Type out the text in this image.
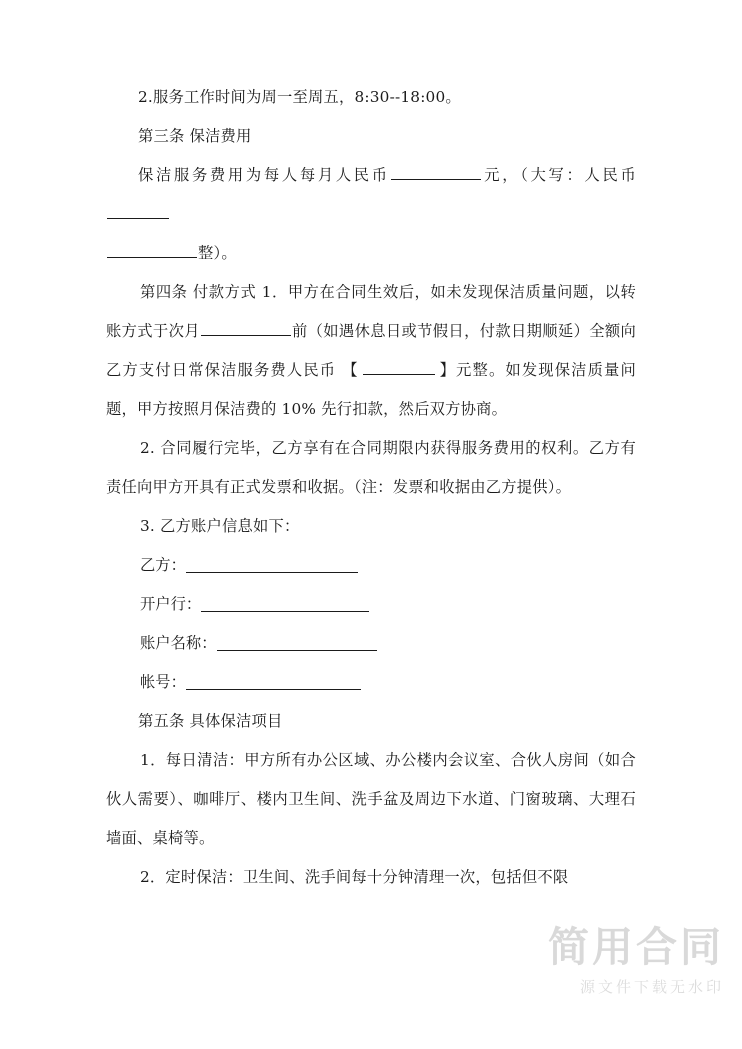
2.服务工作时间为周一至周五，8:30--18:00。

第三条 保洁费用

保洁服务费用为每人每月人民币	元，（大写：人民币

整）。

第四条 付款方式 1．甲方在合同生效后，如未发现保洁质量问题，以转账方式于次月	前（如遇休息日或节假日，付款日期顺延）全额向乙方支付日常保洁服务费人民币 【	】元整。如发现保洁质量问题，甲方按照月保洁费的 10% 先行扣款，然后双方协商。

2. 合同履行完毕，乙方享有在合同期限内获得服务费用的权利。乙方有责任向甲方开具有正式发票和收据。（注：发票和收据由乙方提供）。

3. 乙方账户信息如下：

乙方：
开户行：
账户名称：
帐号：

第五条 具体保洁项目

1．每日清洁：甲方所有办公区域、办公楼内会议室、合伙人房间（如合伙人需要）、咖啡厅、楼内卫生间、洗手盆及周边下水道、门窗玻璃、大理石墙面、桌椅等。

2．定时保洁：卫生间、洗手间每十分钟清理一次，包括但不限

简用合同
源文件下载无水印
